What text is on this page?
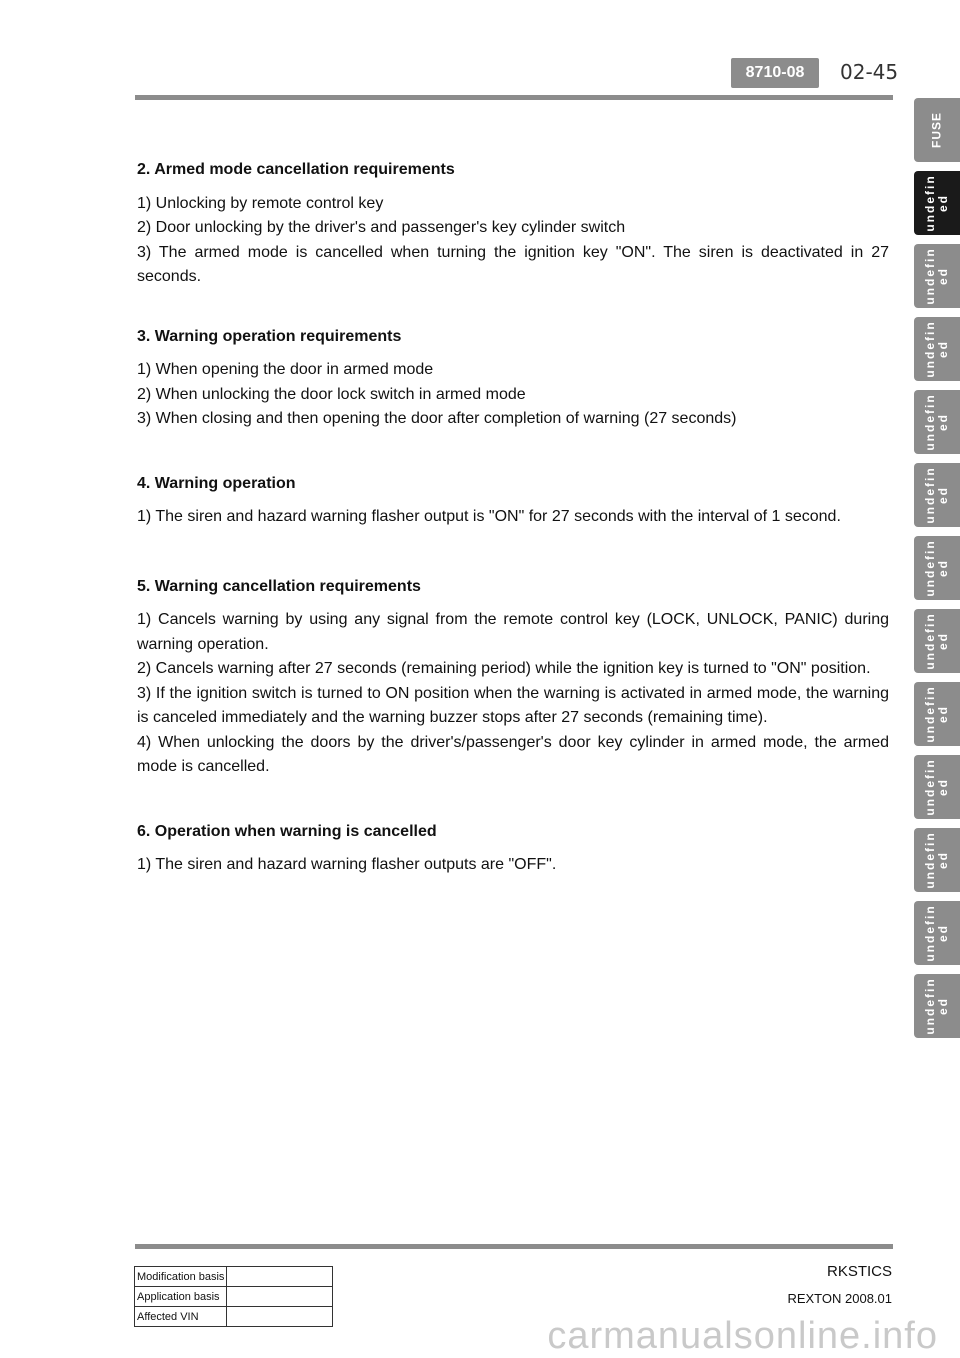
8710-08	02-45
FUSE
undefin ed
undefin ed
undefin ed
undefin ed
undefin ed
undefin ed
undefin ed
undefin ed
undefin ed
undefin ed
undefin ed
undefin ed

2. Armed mode cancellation requirements

1) Unlocking by remote control key

2) Door unlocking by the driver's and passenger's key cylinder switch

3) The armed mode is cancelled when turning the ignition key "ON". The siren is deactivated in 27 seconds.

3. Warning operation requirements

1) When opening the door in armed mode

2) When unlocking the door lock switch in armed mode

3) When closing and then opening the door after completion of warning (27 seconds)

4. Warning operation

1) The siren and hazard warning flasher output is "ON" for 27 seconds with the interval of 1 second.

5. Warning cancellation requirements

1) Cancels warning by using any signal from the remote control key (LOCK, UNLOCK, PANIC) during warning operation.

2) Cancels warning after 27 seconds (remaining period) while the ignition key is turned to "ON" position.

3) If the ignition switch is turned to ON position when the warning is activated in armed mode, the warning is canceled immediately and the warning buzzer stops after 27 seconds (remaining time).

4) When unlocking the doors by the driver's/passenger's door key cylinder in armed mode, the armed mode is cancelled.

6. Operation when warning is cancelled

1) The siren and hazard warning flasher outputs are "OFF".

RKSTICS
REXTON 2008.01
Modification basis	
Application basis	
Affected VIN		carmanualsonline.info
